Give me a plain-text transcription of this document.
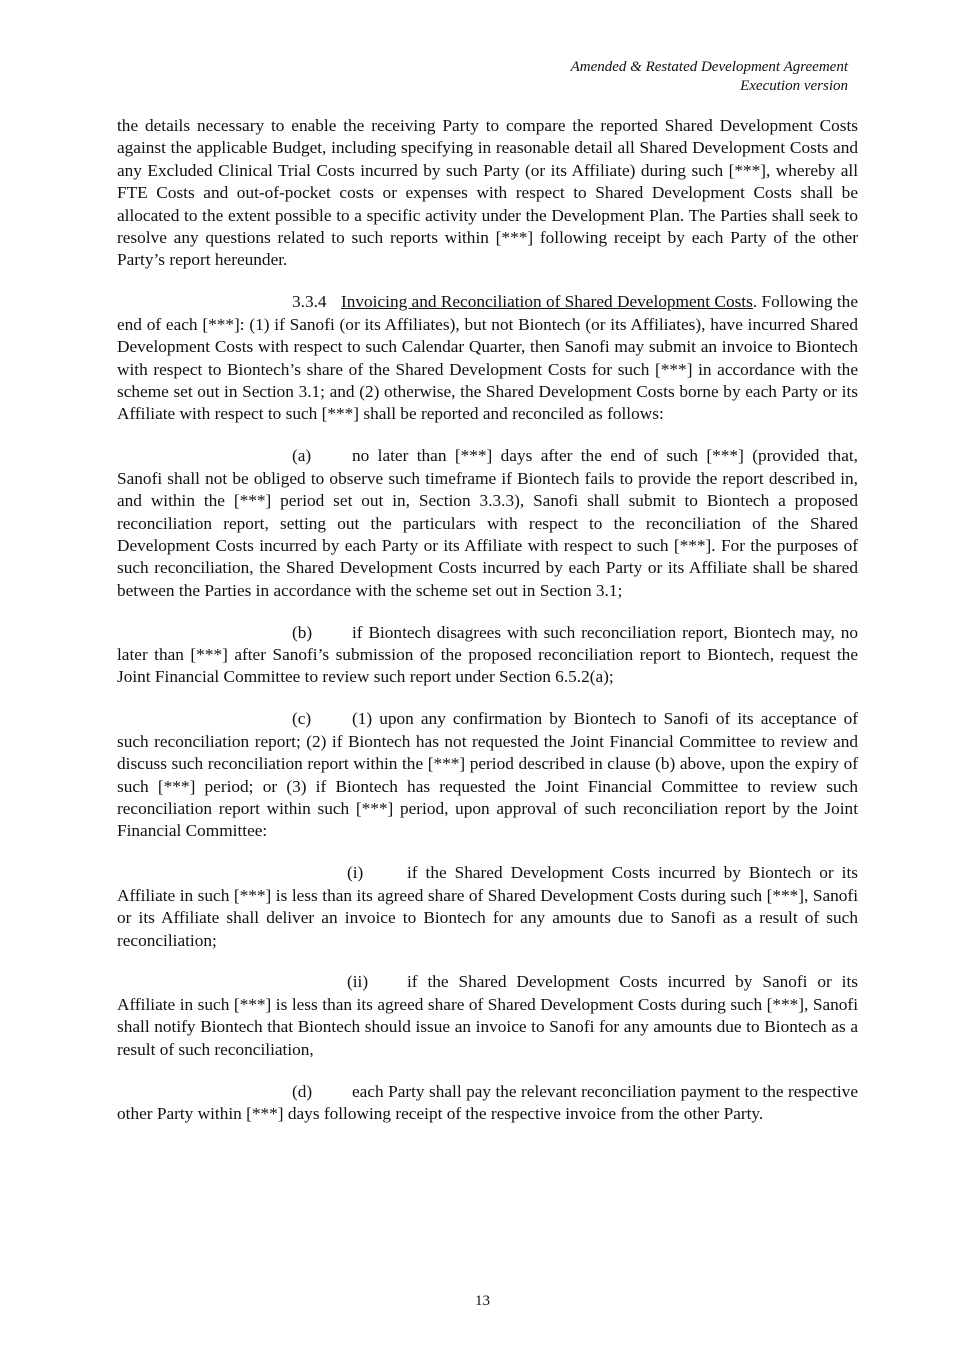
Amended & Restated Development Agreement
Execution version

the details necessary to enable the receiving Party to compare the reported Shared Development Costs against the applicable Budget, including specifying in reasonable detail all Shared Development Costs and any Excluded Clinical Trial Costs incurred by such Party (or its Affiliate) during such [***], whereby all FTE Costs and out-of-pocket costs or expenses with respect to Shared Development Costs shall be allocated to the extent possible to a specific activity under the Development Plan. The Parties shall seek to resolve any questions related to such reports within [***] following receipt by each Party of the other Party’s report hereunder.

3.3.4 Invoicing and Reconciliation of Shared Development Costs. Following the end of each [***]: (1) if Sanofi (or its Affiliates), but not Biontech (or its Affiliates), have incurred Shared Development Costs with respect to such Calendar Quarter, then Sanofi may submit an invoice to Biontech with respect to Biontech’s share of the Shared Development Costs for such [***] in accordance with the scheme set out in Section 3.1; and (2) otherwise, the Shared Development Costs borne by each Party or its Affiliate with respect to such [***] shall be reported and reconciled as follows:

(a) no later than [***] days after the end of such [***] (provided that, Sanofi shall not be obliged to observe such timeframe if Biontech fails to provide the report described in, and within the [***] period set out in, Section 3.3.3), Sanofi shall submit to Biontech a proposed reconciliation report, setting out the particulars with respect to the reconciliation of the Shared Development Costs incurred by each Party or its Affiliate with respect to such [***]. For the purposes of such reconciliation, the Shared Development Costs incurred by each Party or its Affiliate shall be shared between the Parties in accordance with the scheme set out in Section 3.1;

(b) if Biontech disagrees with such reconciliation report, Biontech may, no later than [***] after Sanofi’s submission of the proposed reconciliation report to Biontech, request the Joint Financial Committee to review such report under Section 6.5.2(a);

(c) (1) upon any confirmation by Biontech to Sanofi of its acceptance of such reconciliation report; (2) if Biontech has not requested the Joint Financial Committee to review and discuss such reconciliation report within the [***] period described in clause (b) above, upon the expiry of such [***] period; or (3) if Biontech has requested the Joint Financial Committee to review such reconciliation report within such [***] period, upon approval of such reconciliation report by the Joint Financial Committee:

(i)	if the Shared Development Costs incurred by Biontech or its Affiliate in such [***] is less than its agreed share of Shared Development Costs during such [***], Sanofi or its Affiliate shall deliver an invoice to Biontech for any amounts due to Sanofi as a result of such reconciliation;

(ii) if the Shared Development Costs incurred by Sanofi or its Affiliate in such [***] is less than its agreed share of Shared Development Costs during such [***], Sanofi shall notify Biontech that Biontech should issue an invoice to Sanofi for any amounts due to Biontech as a result of such reconciliation,

(d) each Party shall pay the relevant reconciliation payment to the respective other Party within [***] days following receipt of the respective invoice from the other Party.

13
